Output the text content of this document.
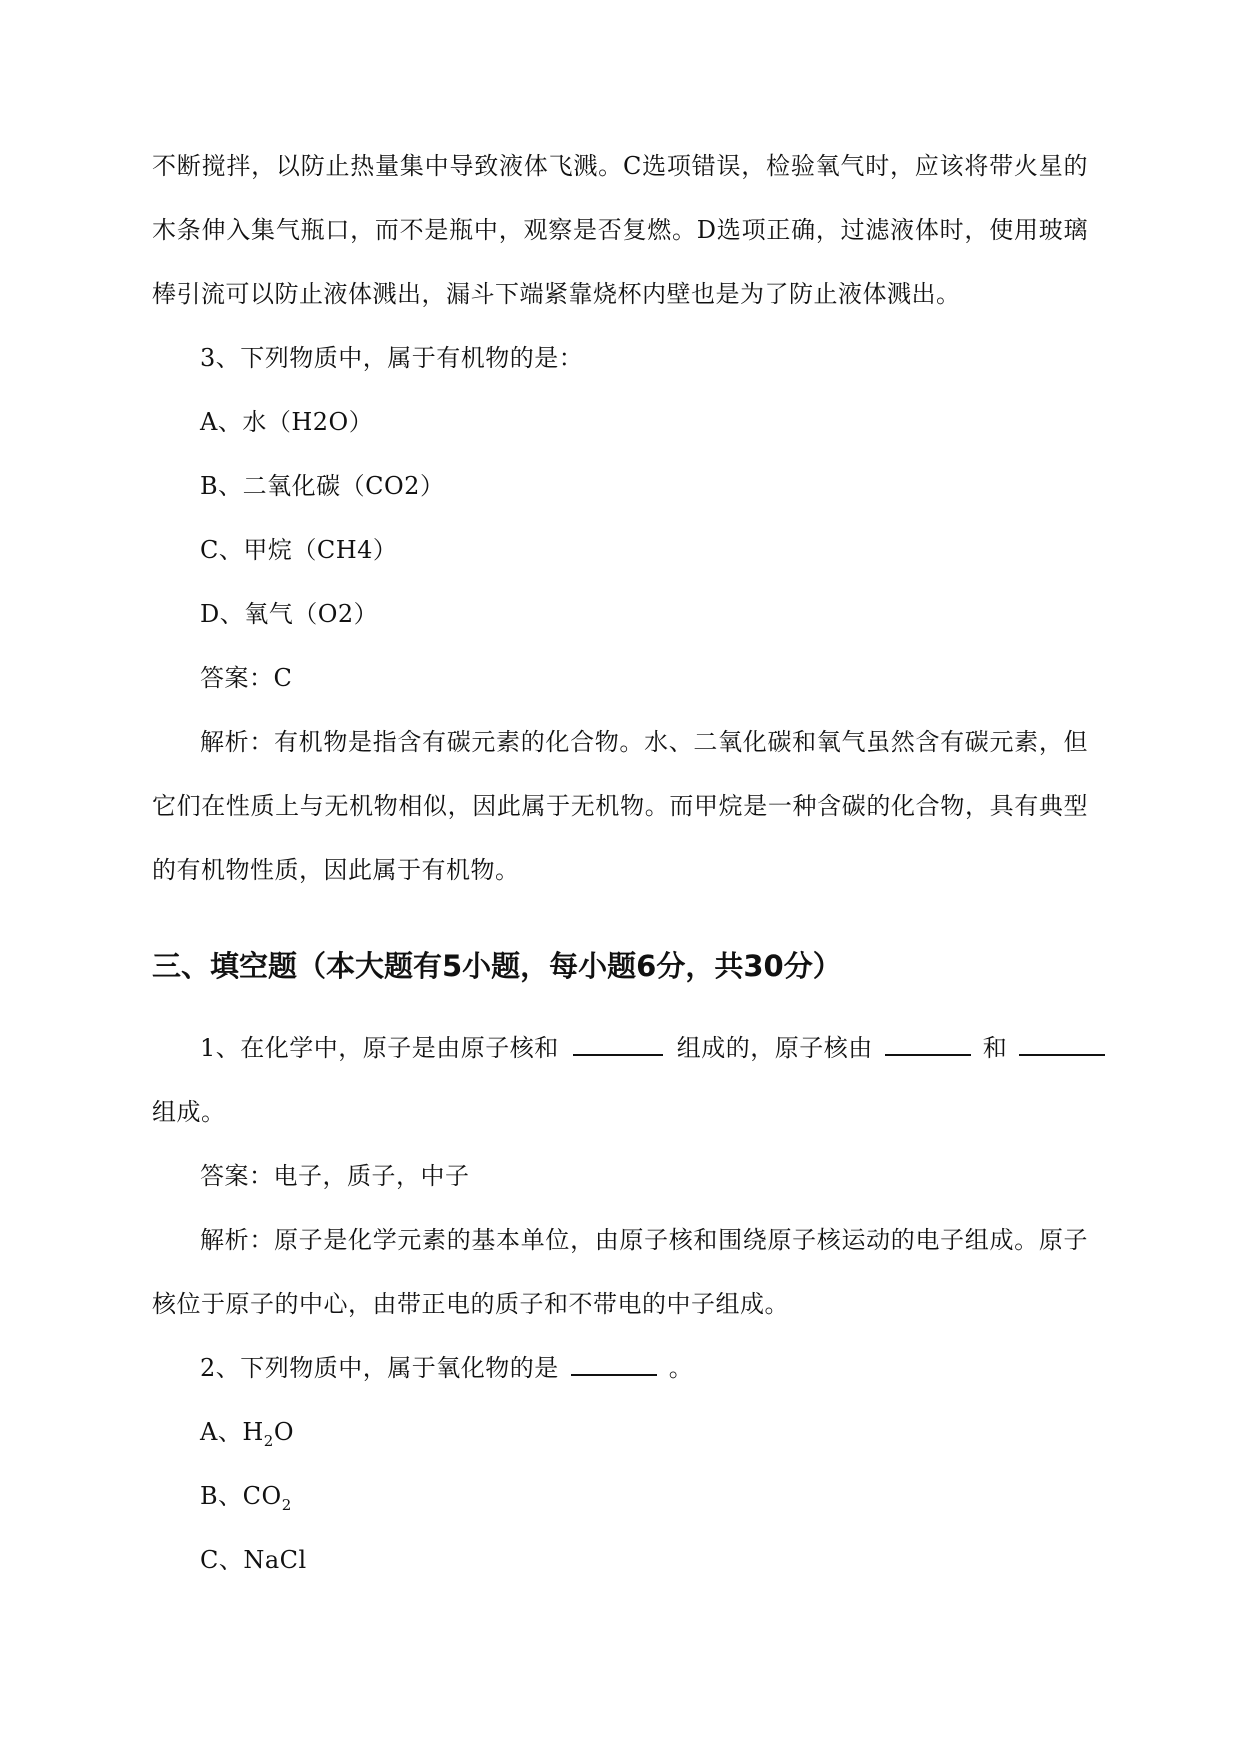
不断搅拌，以防止热量集中导致液体飞溅。C选项错误，检验氧气时，应该将带火星的
木条伸入集气瓶口，而不是瓶中，观察是否复燃。D选项正确，过滤液体时，使用玻璃
棒引流可以防止液体溅出，漏斗下端紧靠烧杯内壁也是为了防止液体溅出。
3、下列物质中，属于有机物的是：
A、水（H2O）
B、二氧化碳（CO2）
C、甲烷（CH4）
D、氧气（O2）
答案：C
解析：有机物是指含有碳元素的化合物。水、二氧化碳和氧气虽然含有碳元素，但
它们在性质上与无机物相似，因此属于无机物。而甲烷是一种含碳的化合物，具有典型
的有机物性质，因此属于有机物。
三、填空题（本大题有5小题，每小题6分，共30分）
1、在化学中，原子是由原子核和	组成的，原子核由	和
组成。
答案：电子，质子，中子
解析：原子是化学元素的基本单位，由原子核和围绕原子核运动的电子组成。原子
核位于原子的中心，由带正电的质子和不带电的中子组成。
2、下列物质中，属于氧化物的是	。
A、$H_2O$
B、$CO_2$
C、NaCl
